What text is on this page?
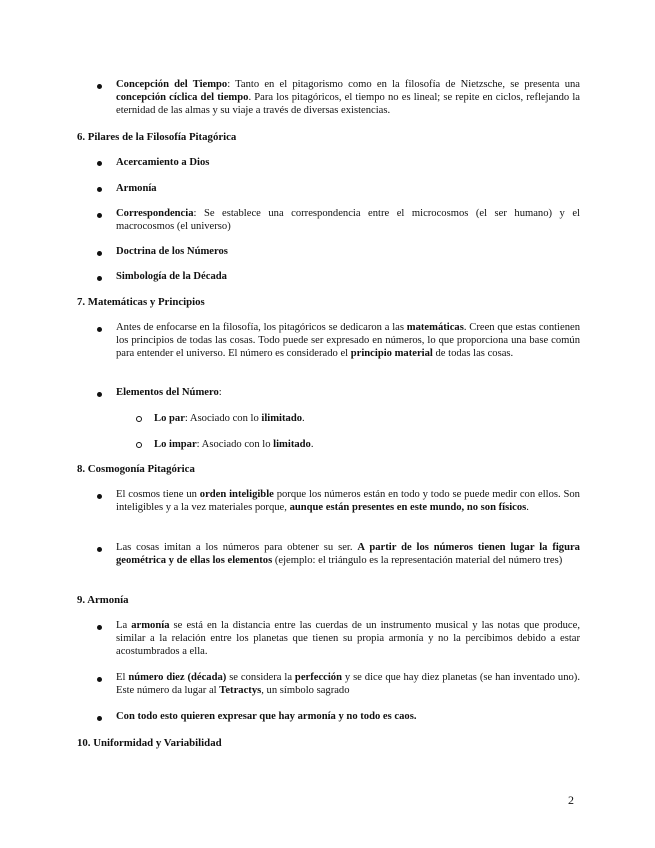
Concepción del Tiempo: Tanto en el pitagorismo como en la filosofía de Nietzsche, se presenta una concepción cíclica del tiempo. Para los pitagóricos, el tiempo no es lineal; se repite en ciclos, reflejando la eternidad de las almas y su viaje a través de diversas existencias.
6. Pilares de la Filosofía Pitagórica
Acercamiento a Dios
Armonía
Correspondencia: Se establece una correspondencia entre el microcosmos (el ser humano) y el macrocosmos (el universo)
Doctrina de los Números
Simbología de la Década
7. Matemáticas y Principios
Antes de enfocarse en la filosofía, los pitagóricos se dedicaron a las matemáticas. Creen que estas contienen los principios de todas las cosas. Todo puede ser expresado en números, lo que proporciona una base común para entender el universo. El número es considerado el principio material de todas las cosas.
Elementos del Número:
Lo par: Asociado con lo ilimitado.
Lo impar: Asociado con lo limitado.
8. Cosmogonía Pitagórica
El cosmos tiene un orden inteligible porque los números están en todo y todo se puede medir con ellos. Son inteligibles y a la vez materiales porque, aunque están presentes en este mundo, no son físicos.
Las cosas imitan a los números para obtener su ser. A partir de los números tienen lugar la figura geométrica y de ellas los elementos (ejemplo: el triángulo es la representación material del número tres)
9. Armonía
La armonía se está en la distancia entre las cuerdas de un instrumento musical y las notas que produce, similar a la relación entre los planetas que tienen su propia armonía y no la percibimos debido a estar acostumbrados a ella.
El número diez (década) se considera la perfección y se dice que hay diez planetas (se han inventado uno). Este número da lugar al Tetractys, un símbolo sagrado
Con todo esto quieren expresar que hay armonía y no todo es caos.
10. Uniformidad y Variabilidad
2
